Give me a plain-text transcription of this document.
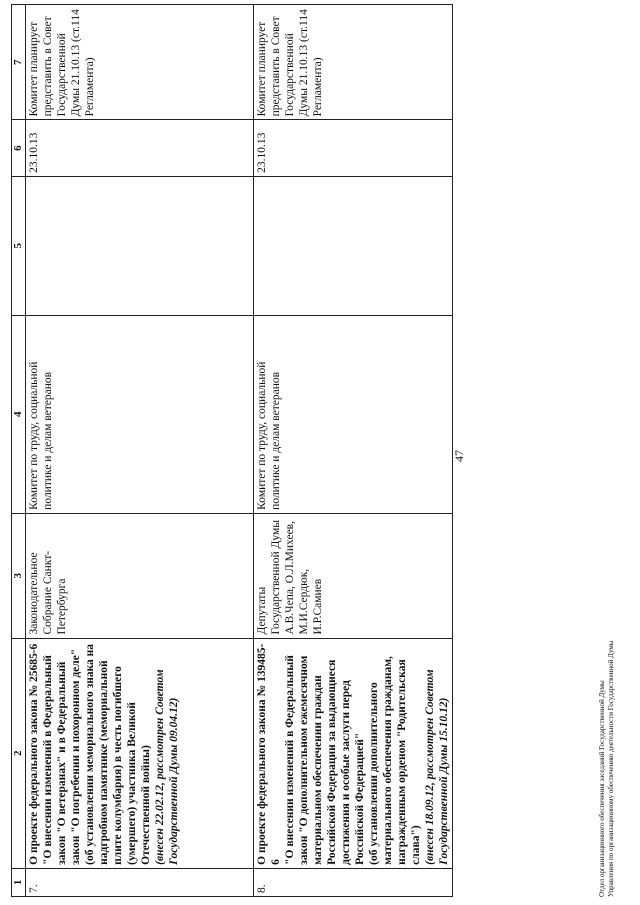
47
1	2	3	4	5	6	7
7.	О проекте федерального закона № 25685-6 "О внесении изменений в Федеральный закон "О ветеранах" и в Федеральный закон "О погребении и похоронном деле" (об установлении мемориального знака на надгробном памятнике (мемориальной плите колумбария) в честь погибшего (умершего) участника Великой Отечественной войны) (внесен 22.02.12, рассмотрен Советом Государственной Думы 09.04.12)	Законодательное Собрание Санкт-Петербурга	Комитет по труду, социальной политике и делам ветеранов		23.10.13	Комитет планирует представить в Совет Государственной Думы 21.10.13 (ст.114 Регламента)
8.	О проекте федерального закона № 139485-6 "О внесении изменений в Федеральный закон "О дополнительном ежемесячном материальном обеспечении граждан Российской Федерации за выдающиеся достижения и особые заслуги перед Российской Федерацией" (об установлении дополнительного материального обеспечения гражданам, награжденным орденом "Родительская слава") (внесен 18.09.12, рассмотрен Советом Государственной Думы 15.10.12)	Депутаты Государственной Думы А.В.Чепа, О.Л.Михеев, М.И.Сердюк, И.Р.Самиев	Комитет по труду, социальной политике и делам ветеранов		23.10.13	Комитет планирует представить в Совет Государственной Думы 21.10.13 (ст.114 Регламента)
Отдел организационного обеспечения заседаний Государственной Думы Управления по организационному обеспечению деятельности Государственной Думы
